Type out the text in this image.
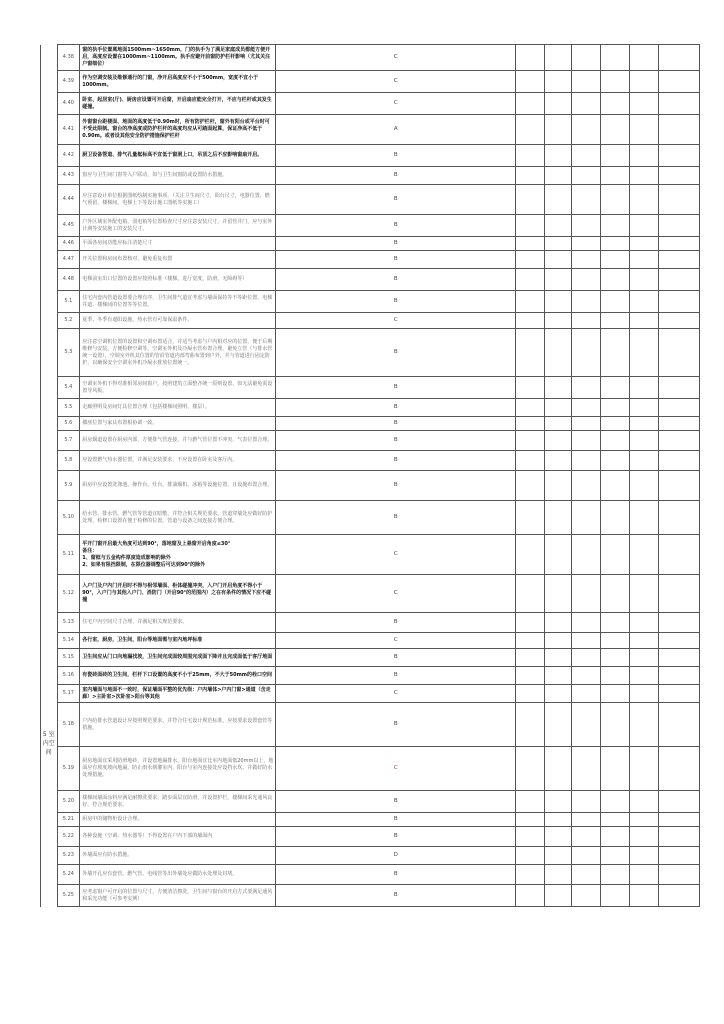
5 室内空间	4.38	窗的执手位置离地面1500mm~1650mm，门的执手为了满足家庭成员都能方便开启，高度应设置在1000mm~1100mm。执手应避开前窗防护栏杆影响（尤其关注户窗细位）	C						
	4.39	作为空调安装及维修通行的门窗，净开启高度应不小于500mm，宽度不宜小于 1000mm。	C						
	4.40	卧室、起居室(厅)、厨房应设置可开启窗，开启扇应能完全打开，不应与栏杆或其发生碰撞。	C						
	4.41	外窗窗台距楼面、地面的高度低于0.90m时，所有防护栏杆，窗外有阳台或平台时可不受此限制。窗台的净高度或防护栏杆的高度均应从可踏面起算，保证净高不低于0.90m。或者设其他安全防护措施保护栏杆	A						
	4.42	厨卫设备管道、排气孔量框标高不宜低于窗洞上口，吊顶之后不应影响窗扇开启。	B						
	4.43	窗应与卫生间门窗等入户联动，如与卫生间窗防或设置防水措施。	B						
	4.44	应注意设计单位根据图纸绘制实施事项，（关注卫生间尺寸，阳台尺寸，电器位置，燃气预留，楼梯间，电梯上下等设计施工图纸等实施工）	B						
	4.45	户外区域室外配电箱、弱电箱等位置检查尺寸应注意安装尺寸，并留管井门，应与室外计测等安装施工的安装尺寸。	B						
	4.46	平面各房间功能应标注清楚尺寸	B						
	4.47	开关位置和房间布置核对，避免重复布置	B						
	4.48	电梯前室出口位置的设置应按照标准（楼梯，进厅宽度，防滑，无障碍等）	B						
	5.1	住宅内套内管道设置要合理有序，卫生间排气道宜考虑与墙面保持等不等距位置、电梯井道、楼梯间的位置等等位置。	B						
	5.2	夏季、冬季有遮阳设施，热水管有可靠保温条件。	C						
	5.3	应注意空调机位置的设置和空调布置适合，并适当考虑与户内相对应的位置，便于后期维修与安装，方便检修空调等，空调室外机及冷凝水管布置合理，避免立管（与排水管统一设置），空调室外机其位置的管沿管道内部弯曲布置到户外，并与管道进行固定防护，以确保安全空调室外机冷凝水排放位置统一。	B						
	5.4	空调室外机不得对准相邻房间窗户，按照建筑立面整齐统一原则设置，如无法避免需设置导风板。	B						
	5.5	走廊照明及房间灯具位置合理（包括楼梯间照明、楼层）。	B						
	5.6	插座位置与家具布置相协调一致。	B						
	5.7	厨房烟道设置在厨房内部，方便排气管连接，并与燃气管位置不冲突，气表位置合理。	B						
	5.8	应设置燃气热水器位置，并满足安装要求，不应设置在卧室及客厅内。	B						
	5.9	厨房中应设置洗涤池、操作台、灶台、排油烟机、冰箱等设施位置，且设施布置合理。	B						
	5.10	给水管、排水管、燃气管等管道宜暗敷，并符合相关规范要求，管道穿墙处应做好防护处理，检修口设置在便于检修的位置，管道与设备之间连接方便合理。	B						
	5.11	平开门窗开启最大角度可达到90°，落地窗及上悬窗开启角度≤30°
备注：
1、窗框与五金构件厚度造成影响的除外
2、如果有阻挡限制，在限位器调整后可达到90°的除外	C						
	5.12	入户门及户内门开启时不得与相邻墙面、柜体碰撞冲突，入户门开启角度不得小于90°，入户门与其他入户门、消防门（开启90°的范围内）之在有条件的情况下应不碰撞	C						
	5.13	住宅户内空间尺寸合理，并满足相关规范要求。	B						
	5.14	各行室，厨房，卫生间，阳台等地面需与室内地坪标准	C						
	5.15	卫生间应从门口向地漏找坡，卫生间完成面较周围完成面下降并且完成面低于客厅地面	B						
	5.16	有瓷砖面砖的卫生间，栏杆下口设置的高度不小于25mm，不大于50mm的栓口空间	B						
	5.17	室内墙面与地面不一致时，保证墙面平整的优先级：户内墙体>户内门窗>通道（含走廊）>主卧室>次卧室>阳台等其他	C						
	5.18	户内给排水管道设计应按照规范要求，并符合住宅设计规范标准，应按要求设置套管等措施。	B						
	5.19	厨房地面宜采用防滑地砖，并设置地漏排水，阳台地面宜比室内地面低20mm以上，地面应有坡度坡向地漏，防止雨水倒灌室内，阳台与室内连接处应设挡水坎，并做好防水处理措施。	C						
	5.20	楼梯间墙面涂料应满足耐擦洗要求，踏步面层宜防滑，并设置护栏，楼梯间采光通风良好，符合规范要求。	B						
	5.21	厨房中的储物柜设计合理。	B						
	5.22	各种设施（空调、热水器等）不得设置在户内下部的墙面内	B						
	5.23	外墙面应有防水措施。	D						
	5.24	外墙开孔应有套管，燃气管、电线管等出外墙处应做防水处理及封堵。	B						
	5.25	应考虑窗户可开启的位置与尺寸，方便清洁擦洗，卫生间与窗台的开启方式要满足通风和采光功能（可参考实例）	B						
